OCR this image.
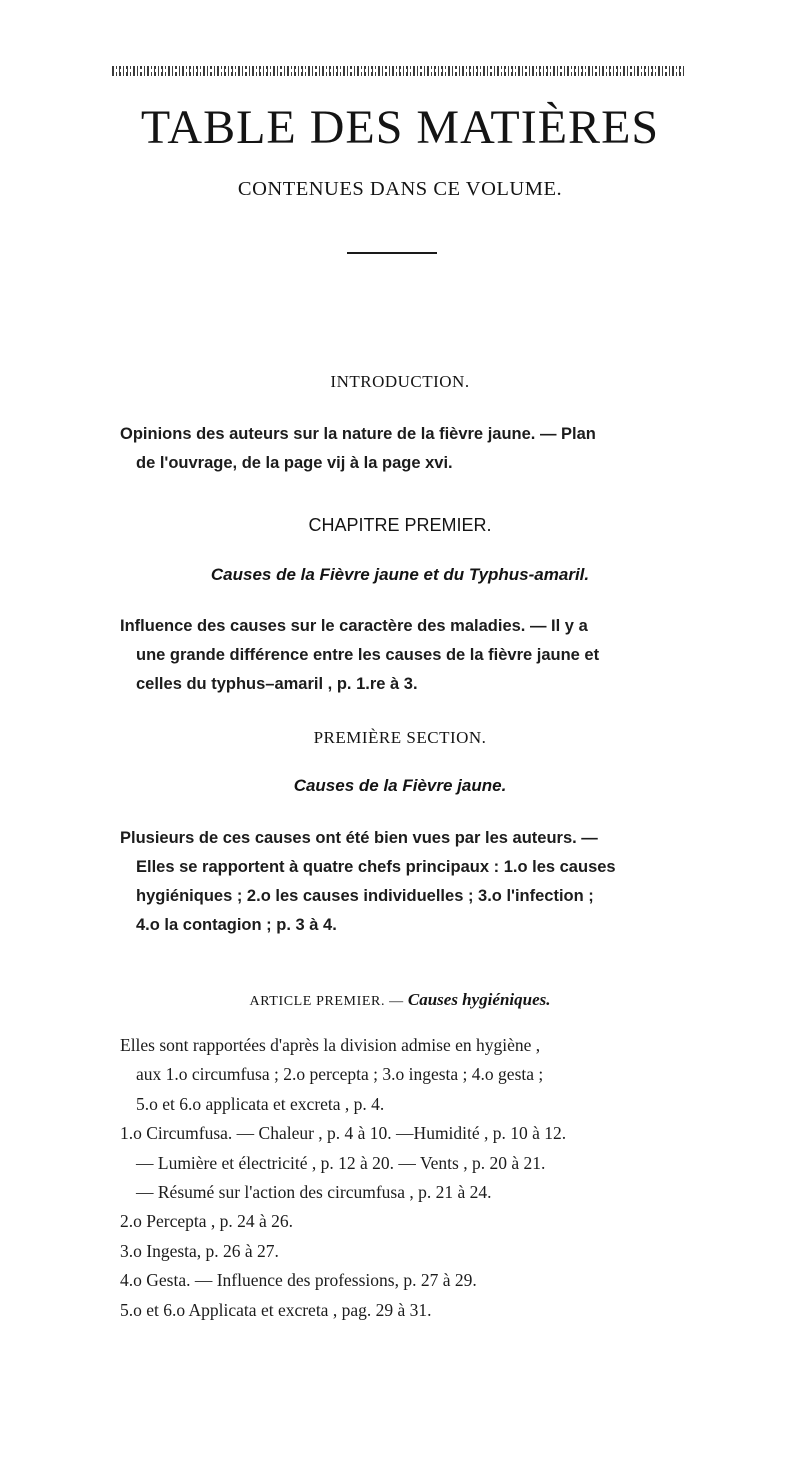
TABLE DES MATIÈRES

CONTENUES DANS CE VOLUME.

INTRODUCTION.

Opinions des auteurs sur la nature de la fièvre jaune. — Plan
de l'ouvrage, de la page vij à la page xvi.

CHAPITRE PREMIER.

Causes de la Fièvre jaune et du Typhus-amaril.

Influence des causes sur le caractère des maladies. — Il y a
une grande différence entre les causes de la fièvre jaune et
celles du typhus–amaril , p. 1.re à 3.

PREMIÈRE SECTION.

Causes de la Fièvre jaune.

Plusieurs de ces causes ont été bien vues par les auteurs. —
Elles se rapportent à quatre chefs principaux : 1.o les causes
hygiéniques ; 2.o les causes individuelles ; 3.o l'infection ;
4.o la contagion ; p. 3 à 4.

ARTICLE PREMIER. — Causes hygiéniques.

Elles sont rapportées d'après la division admise en hygiène ,
aux 1.o circumfusa ; 2.o percepta ; 3.o ingesta ; 4.o gesta ;
5.o et 6.o applicata et excreta , p. 4.
1.o Circumfusa. — Chaleur , p. 4 à 10. —Humidité , p. 10 à 12.
— Lumière et électricité , p. 12 à 20. — Vents , p. 20 à 21.
— Résumé sur l'action des circumfusa , p. 21 à 24.
2.o Percepta , p. 24 à 26.
3.o Ingesta, p. 26 à 27.
4.o Gesta. — Influence des professions, p. 27 à 29.
5.o et 6.o Applicata et excreta , pag. 29 à 31.
